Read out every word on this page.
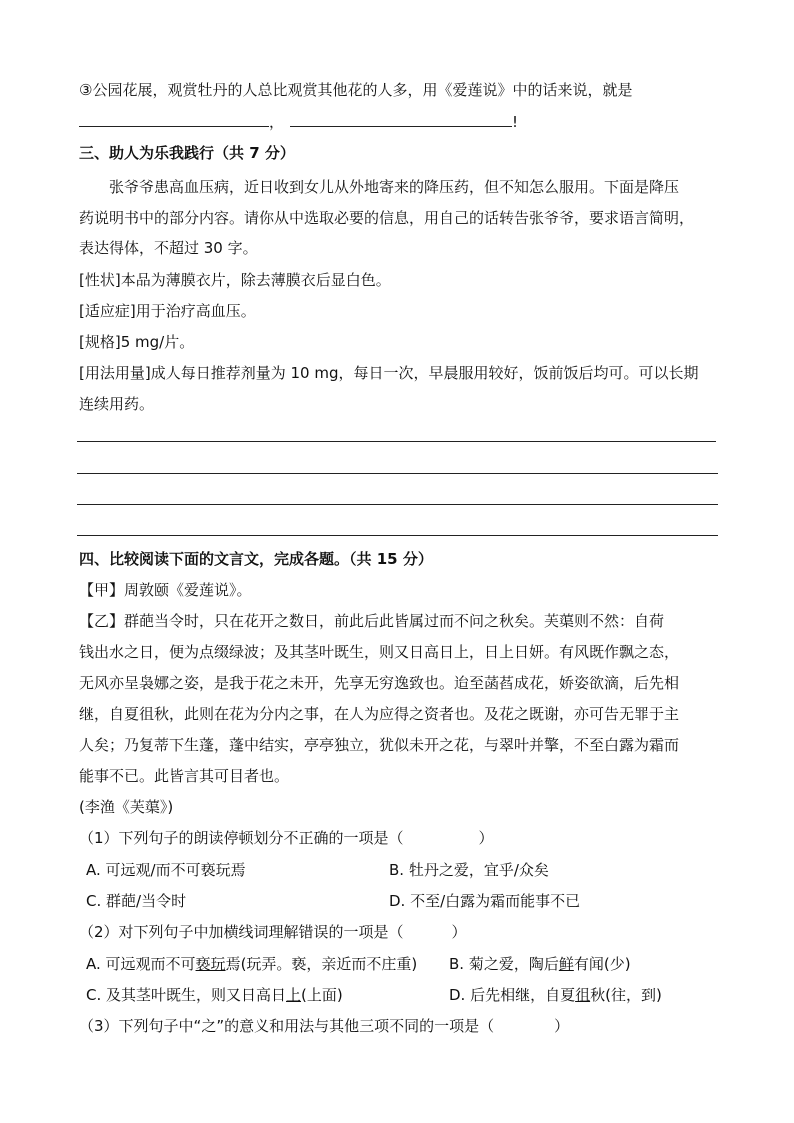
③公园花展，观赏牡丹的人总比观赏其他花的人多，用《爱莲说》中的话来说，就是
，	!
三、助人为乐我践行（共 7 分）
张爷爷患高血压病，近日收到女儿从外地寄来的降压药，但不知怎么服用。下面是降压
药说明书中的部分内容。请你从中选取必要的信息，用自己的话转告张爷爷，要求语言简明，
表达得体，不超过 30 字。
[性状]本品为薄膜衣片，除去薄膜衣后显白色。
[适应症]用于治疗高血压。
[规格]5 mg/片。
[用法用量]成人每日推荐剂量为 10 mg，每日一次，早晨服用较好，饭前饭后均可。可以长期
连续用药。
四、比较阅读下面的文言文，完成各题。（共 15 分）
【甲】周敦颐《爱莲说》。
【乙】群葩当令时，只在花开之数日，前此后此皆属过而不问之秋矣。芙蕖则不然：自荷
钱出水之日，便为点缀绿波；及其茎叶既生，则又日高日上，日上日妍。有风既作飘之态，
无风亦呈袅娜之姿，是我于花之未开，先享无穷逸致也。迨至菡萏成花，娇姿欲滴，后先相
继，自夏徂秋，此则在花为分内之事，在人为应得之资者也。及花之既谢，亦可告无罪于主
人矣；乃复蒂下生蓬，蓬中结实，亭亭独立，犹似未开之花，与翠叶并擎，不至白露为霜而
能事不已。此皆言其可目者也。
(李渔《芙蕖》)
（1）下列句子的朗读停顿划分不正确的一项是（	）
A. 可远观/而不可亵玩焉	B. 牡丹之爱，宜乎/众矣
C. 群葩/当令时	D. 不至/白露为霜而能事不已
（2）对下列句子中加横线词理解错误的一项是（	）
A. 可远观而不可亵玩焉(玩弄。亵，亲近而不庄重) B. 菊之爱，陶后鲜有闻(少)
C. 及其茎叶既生，则又日高日上(上面)	D. 后先相继，自夏徂秋(往，到)
（3）下列句子中“之”的意义和用法与其他三项不同的一项是（	）
